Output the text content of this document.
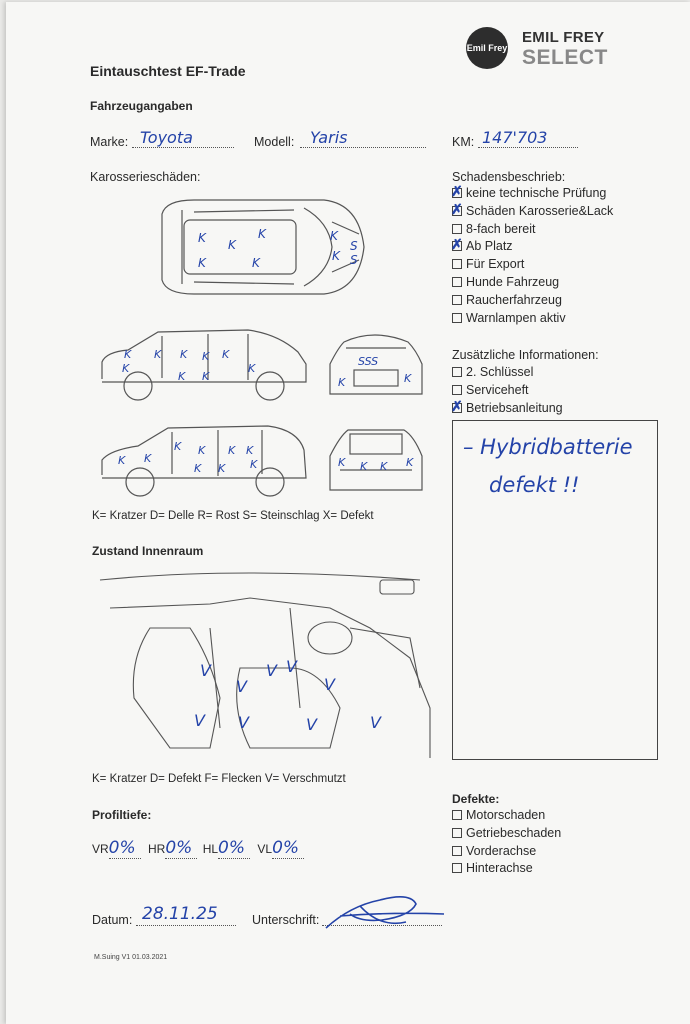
Eintauschtest EF-Trade
Emil Frey
EMIL FREY
SELECT
Fahrzeugangaben
Marke: Toyota	Modell: Yaris	KM: 147'703
Karosserieschäden:
K K
K
K	K
K
S
S
K
K K K K K
K
K K
K
SSS
K	K
K K
K K K K
K K K	K K K K
K= Kratzer D= Delle R= Rost S= Steinschlag X= Defekt
Schadensbeschrieb:
✗keine technische Prüfung
✗Schäden Karosserie&Lack
8-fach bereit
✗Ab Platz
Für Export
Hunde Fahrzeug
Raucherfahrzeug
Warnlampen aktiv
Zusätzliche Informationen:
2. Schlüssel
Serviceheft
✗Betriebsanleitung
– Hybridbatterie
defekt !!
Zustand Innenraum
V
V
V
V
V V	V	V
V
K= Kratzer D= Defekt F= Flecken V= Verschmutzt
Profiltiefe:
VR0% HR0% HL0% VL0%
Defekte:
Motorschaden
Getriebeschaden
Vorderachse
Hinterachse
Datum: 28.11.25	Unterschrift:
M.Suing V1 01.03.2021
